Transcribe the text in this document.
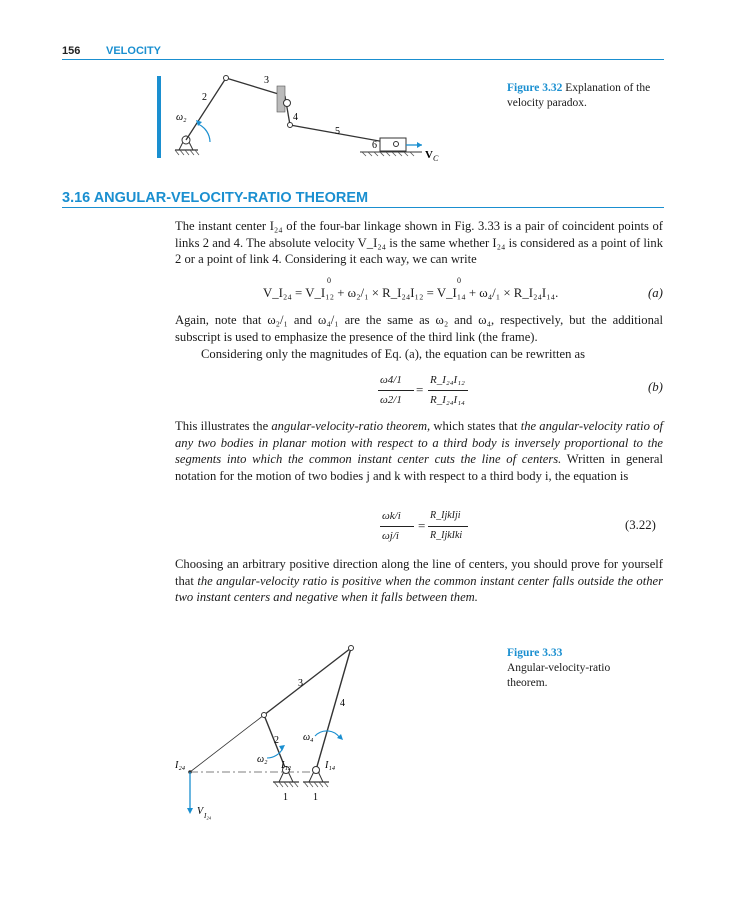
156 VELOCITY
ω₂
2
3
4
5
6
V C
Figure 3.32 Explanation of the velocity paradox.
3.16 ANGULAR-VELOCITY-RATIO THEOREM
The instant center I₂₄ of the four-bar linkage shown in Fig. 3.33 is a pair of coincident points of links 2 and 4. The absolute velocity V_I₂₄ is the same whether I₂₄ is considered as a point of link 2 or a point of link 4. Considering it each way, we can write
V_I₂₄ = V_I₁₂ + ω₂/₁ × R_I₂₄I₁₂ = V_I₁₄ + ω₄/₁ × R_I₂₄I₁₄.
0	0
(a)
Again, note that ω₂/₁ and ω₄/₁ are the same as ω₂ and ω₄, respectively, but the additional subscript is used to emphasize the presence of the third link (the frame).
Considering only the magnitudes of Eq. (a), the equation can be rewritten as
ω4/1
ω2/1
=
R_I₂₄I₁₂
R_I₂₄I₁₄
(b)
This illustrates the angular-velocity-ratio theorem, which states that the angular-velocity ratio of any two bodies in planar motion with respect to a third body is inversely proportional to the segments into which the common instant center cuts the line of centers. Written in general notation for the motion of two bodies j and k with respect to a third body i, the equation is
ωk/i
ωj/i
=
R_IjkIji
R_IjkIki
(3.22)
Choosing an arbitrary positive direction along the line of centers, you should prove for yourself that the angular-velocity ratio is positive when the common instant center falls outside the other two instant centers and negative when it falls between them.
3
4
2 ω₄
ω₂
I₁₂	I₁₄
I₂₄
1	1
V I₂₄
Figure 3.33
Angular-velocity-ratio theorem.
